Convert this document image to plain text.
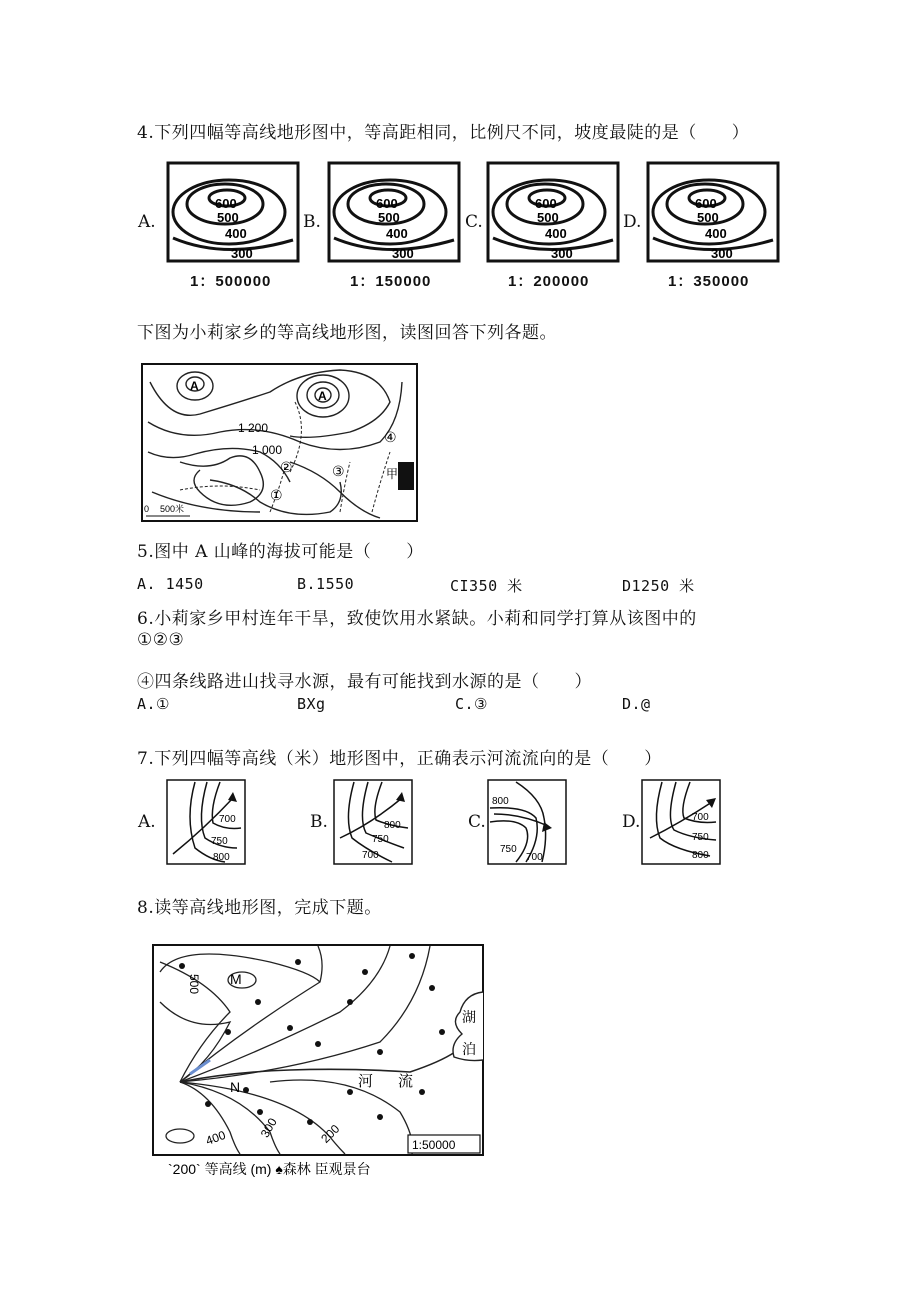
4.下列四幅等高线地形图中，等高距相同，比例尺不同，坡度最陡的是（　　）
A.	B.	C.	D.
600
500
400
300
1：500000
600
500
400
300
1：150000
600
500
400
300
1：200000
600
500
400
300
1：350000
下图为小莉家乡的等高线地形图，读图回答下列各题。
A
A
1 200
1 000
①
②	③
④
甲
0 500米
5.图中 A 山峰的海拔可能是（　　）
A. 1450	B.1550	CI350 米	D1250 米
6.小莉家乡甲村连年干旱，致使饮用水紧缺。小莉和同学打算从该图中的
①②③
④四条线路进山找寻水源，最有可能找到水源的是（　　）
A.①	BXg	C.③	D.@
7.下列四幅等高线（米）地形图中，正确表示河流流向的是（　　）
A.	B.	C.	D.
700
750
800
800
750
700
800
750
700
700
750
800
8.读等高线地形图，完成下题。
M
N	河 流
湖
泊
500
400	300	200	1:50000
`200` 等高线 (m) ♠森林 ⾂观景台
